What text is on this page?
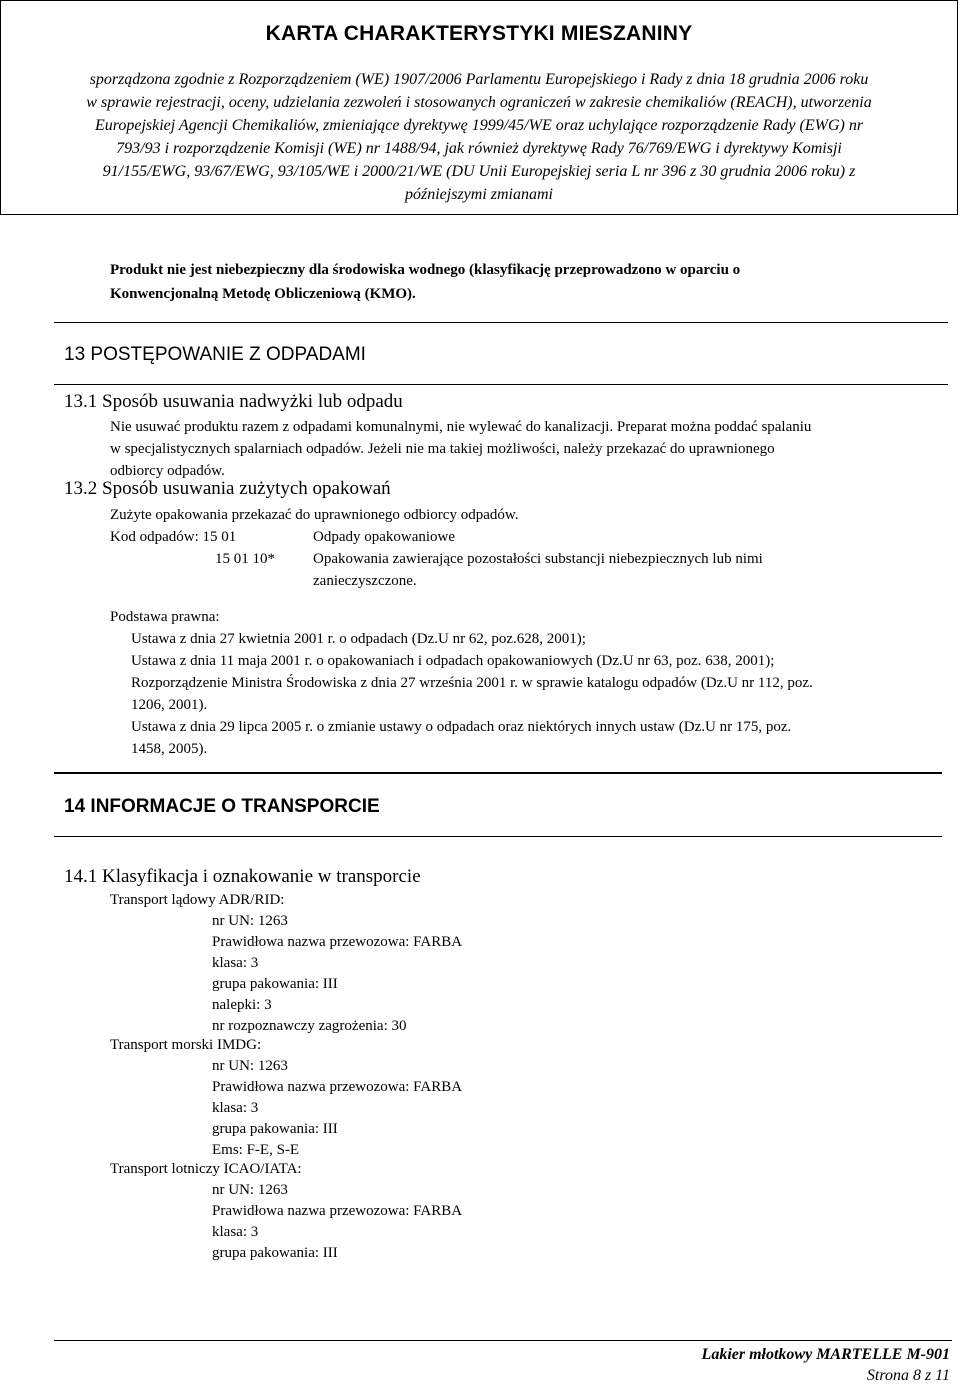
KARTA CHARAKTERYSTYKI MIESZANINY
sporządzona zgodnie z Rozporządzeniem (WE) 1907/2006 Parlamentu Europejskiego i Rady z dnia 18 grudnia 2006 roku
w sprawie rejestracji, oceny, udzielania zezwoleń i stosowanych ograniczeń w zakresie chemikaliów (REACH), utworzenia
Europejskiej Agencji Chemikaliów, zmieniające dyrektywę 1999/45/WE oraz uchylające rozporządzenie Rady (EWG) nr
793/93 i rozporządzenie Komisji (WE) nr 1488/94, jak również dyrektywę Rady 76/769/EWG i dyrektywy Komisji
91/155/EWG, 93/67/EWG, 93/105/WE i 2000/21/WE (DU Unii Europejskiej seria L nr 396 z 30 grudnia 2006 roku) z
późniejszymi zmianami
Produkt nie jest niebezpieczny dla środowiska wodnego (klasyfikację przeprowadzono w oparciu o
Konwencjonalną Metodę Obliczeniową (KMO).
13 POSTĘPOWANIE Z ODPADAMI
13.1 Sposób usuwania nadwyżki lub odpadu
Nie usuwać produktu razem z odpadami komunalnymi, nie wylewać do kanalizacji. Preparat można poddać spalaniu
w specjalistycznych spalarniach odpadów. Jeżeli nie ma takiej możliwości, należy przekazać do uprawnionego
odbiorcy odpadów.
13.2 Sposób usuwania zużytych opakowań
Zużyte opakowania przekazać do uprawnionego odbiorcy odpadów.
Kod odpadów: 15 01	Odpady opakowaniowe
15 01 10*	Opakowania zawierające pozostałości substancji niebezpiecznych lub nimi
zanieczyszczone.
Podstawa prawna:
Ustawa z dnia 27 kwietnia 2001 r. o odpadach (Dz.U nr 62, poz.628, 2001);
Ustawa z dnia 11 maja 2001 r. o opakowaniach i odpadach opakowaniowych (Dz.U nr 63, poz. 638, 2001);
Rozporządzenie Ministra Środowiska z dnia 27 września 2001 r. w sprawie katalogu odpadów (Dz.U nr 112, poz.
1206, 2001).
Ustawa z dnia 29 lipca 2005 r. o zmianie ustawy o odpadach oraz niektórych innych ustaw (Dz.U nr 175, poz.
1458, 2005).
14 INFORMACJE O TRANSPORCIE
14.1 Klasyfikacja i oznakowanie w transporcie
Transport lądowy ADR/RID:
nr UN: 1263
Prawidłowa nazwa przewozowa: FARBA
klasa: 3
grupa pakowania: III
nalepki: 3
nr rozpoznawczy zagrożenia: 30
Transport morski IMDG:
nr UN: 1263
Prawidłowa nazwa przewozowa: FARBA
klasa: 3
grupa pakowania: III
Ems: F-E, S-E
Transport lotniczy ICAO/IATA:
nr UN: 1263
Prawidłowa nazwa przewozowa: FARBA
klasa: 3
grupa pakowania: III
Lakier młotkowy MARTELLE M-901
Strona 8 z 11
